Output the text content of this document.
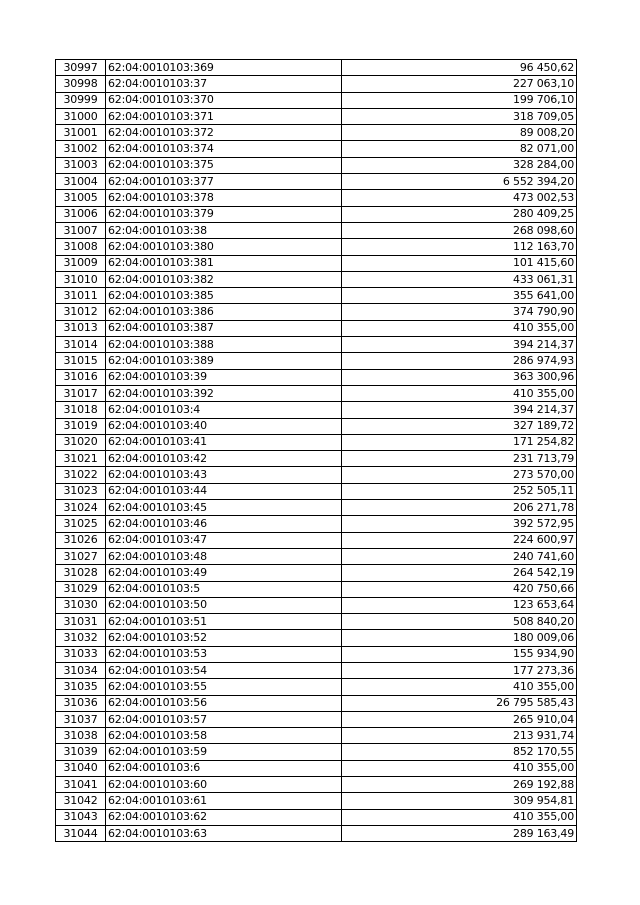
30997	62:04:0010103:369	96 450,62
30998	62:04:0010103:37	227 063,10
30999	62:04:0010103:370	199 706,10
31000	62:04:0010103:371	318 709,05
31001	62:04:0010103:372	89 008,20
31002	62:04:0010103:374	82 071,00
31003	62:04:0010103:375	328 284,00
31004	62:04:0010103:377	6 552 394,20
31005	62:04:0010103:378	473 002,53
31006	62:04:0010103:379	280 409,25
31007	62:04:0010103:38	268 098,60
31008	62:04:0010103:380	112 163,70
31009	62:04:0010103:381	101 415,60
31010	62:04:0010103:382	433 061,31
31011	62:04:0010103:385	355 641,00
31012	62:04:0010103:386	374 790,90
31013	62:04:0010103:387	410 355,00
31014	62:04:0010103:388	394 214,37
31015	62:04:0010103:389	286 974,93
31016	62:04:0010103:39	363 300,96
31017	62:04:0010103:392	410 355,00
31018	62:04:0010103:4	394 214,37
31019	62:04:0010103:40	327 189,72
31020	62:04:0010103:41	171 254,82
31021	62:04:0010103:42	231 713,79
31022	62:04:0010103:43	273 570,00
31023	62:04:0010103:44	252 505,11
31024	62:04:0010103:45	206 271,78
31025	62:04:0010103:46	392 572,95
31026	62:04:0010103:47	224 600,97
31027	62:04:0010103:48	240 741,60
31028	62:04:0010103:49	264 542,19
31029	62:04:0010103:5	420 750,66
31030	62:04:0010103:50	123 653,64
31031	62:04:0010103:51	508 840,20
31032	62:04:0010103:52	180 009,06
31033	62:04:0010103:53	155 934,90
31034	62:04:0010103:54	177 273,36
31035	62:04:0010103:55	410 355,00
31036	62:04:0010103:56	26 795 585,43
31037	62:04:0010103:57	265 910,04
31038	62:04:0010103:58	213 931,74
31039	62:04:0010103:59	852 170,55
31040	62:04:0010103:6	410 355,00
31041	62:04:0010103:60	269 192,88
31042	62:04:0010103:61	309 954,81
31043	62:04:0010103:62	410 355,00
31044	62:04:0010103:63	289 163,49
